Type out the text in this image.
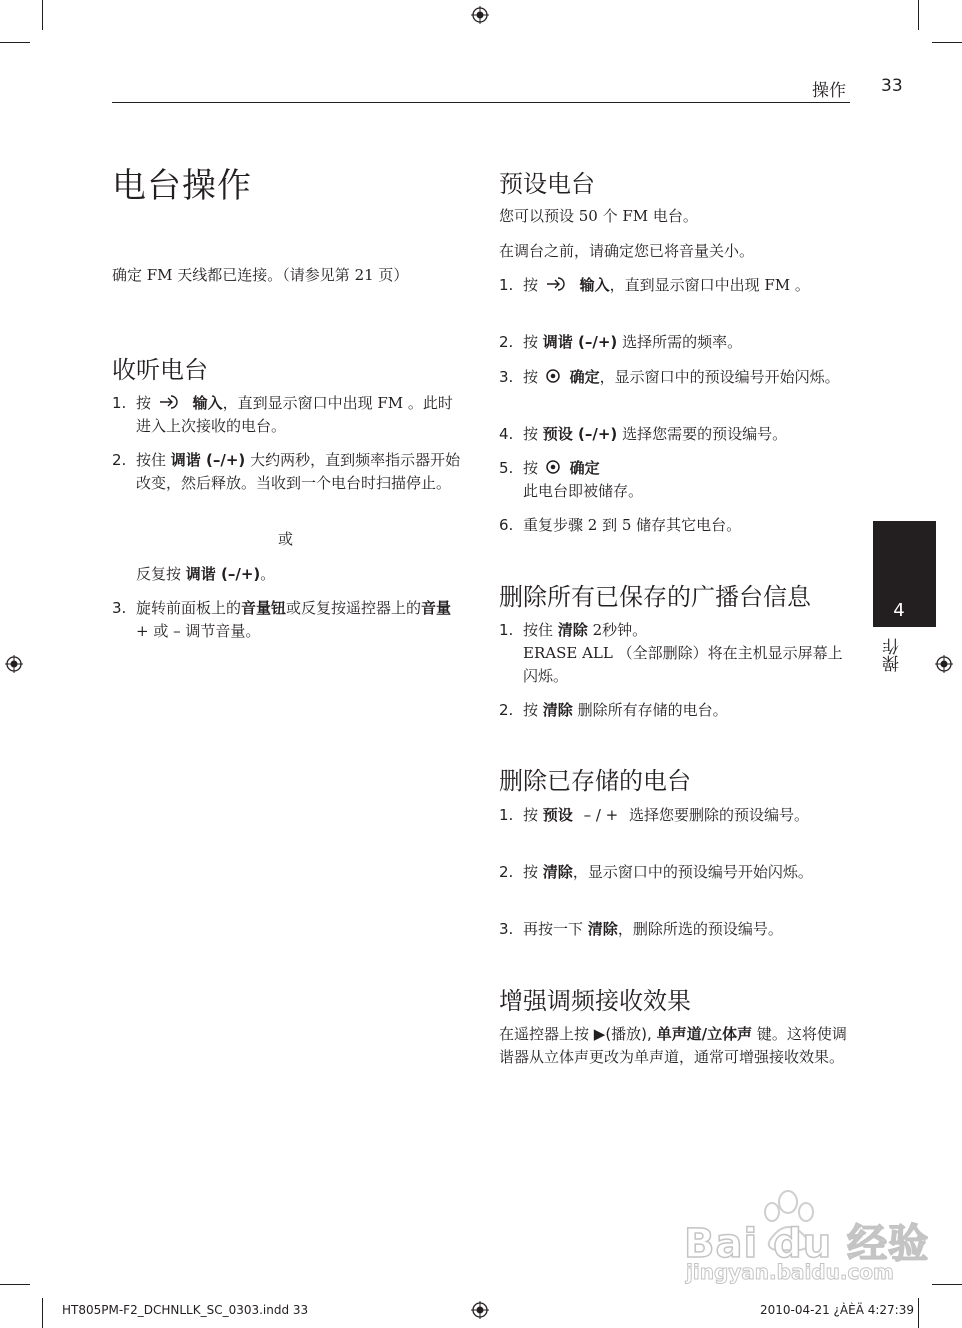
操作 33
电台操作
确定 FM 天线都已连接。（请参见第 21 页）
收听电台
1. 按	输入，直到显示窗口中出现 FM 。此时进入上次接收的电台。
2. 按住 调谐 (–/+) 大约两秒，直到频率指示器开始改变，然后释放。当收到一个电台时扫描停止。
或
反复按 调谐 (–/+)。
3. 旋转前面板上的音量钮或反复按遥控器上的音量 + 或 – 调节音量。
预设电台
您可以预设 50 个 FM 电台。
在调台之前，请确定您已将音量关小。
1. 按	输入，直到显示窗口中出现 FM 。
2. 按 调谐 (–/+) 选择所需的频率。
3. 按 确定，显示窗口中的预设编号开始闪烁。
4. 按 预设 (–/+) 选择您需要的预设编号。
5. 按 确定
此电台即被储存。
6. 重复步骤 2 到 5 储存其它电台。
删除所有已保存的广播台信息
1. 按住 清除 2秒钟。
ERASE ALL （全部删除）将在主机显示屏幕上闪烁。
2. 按 清除 删除所有存储的电台。
删除已存储的电台
1. 按 预设 – / + 选择您要删除的预设编号。
2. 按 清除，显示窗口中的预设编号开始闪烁。
3. 再按一下 清除，删除所选的预设编号。
增强调频接收效果
在遥控器上按 ▶(播放), 单声道/立体声 键。这将使调谐器从立体声更改为单声道，通常可增强接收效果。
4
操作
Bai du 经验
jingyan.baidu.com
HT805PM-F2_DCHNLLK_SC_0303.indd 33	2010-04-21 ¿ÀÈÄ 4:27:39
